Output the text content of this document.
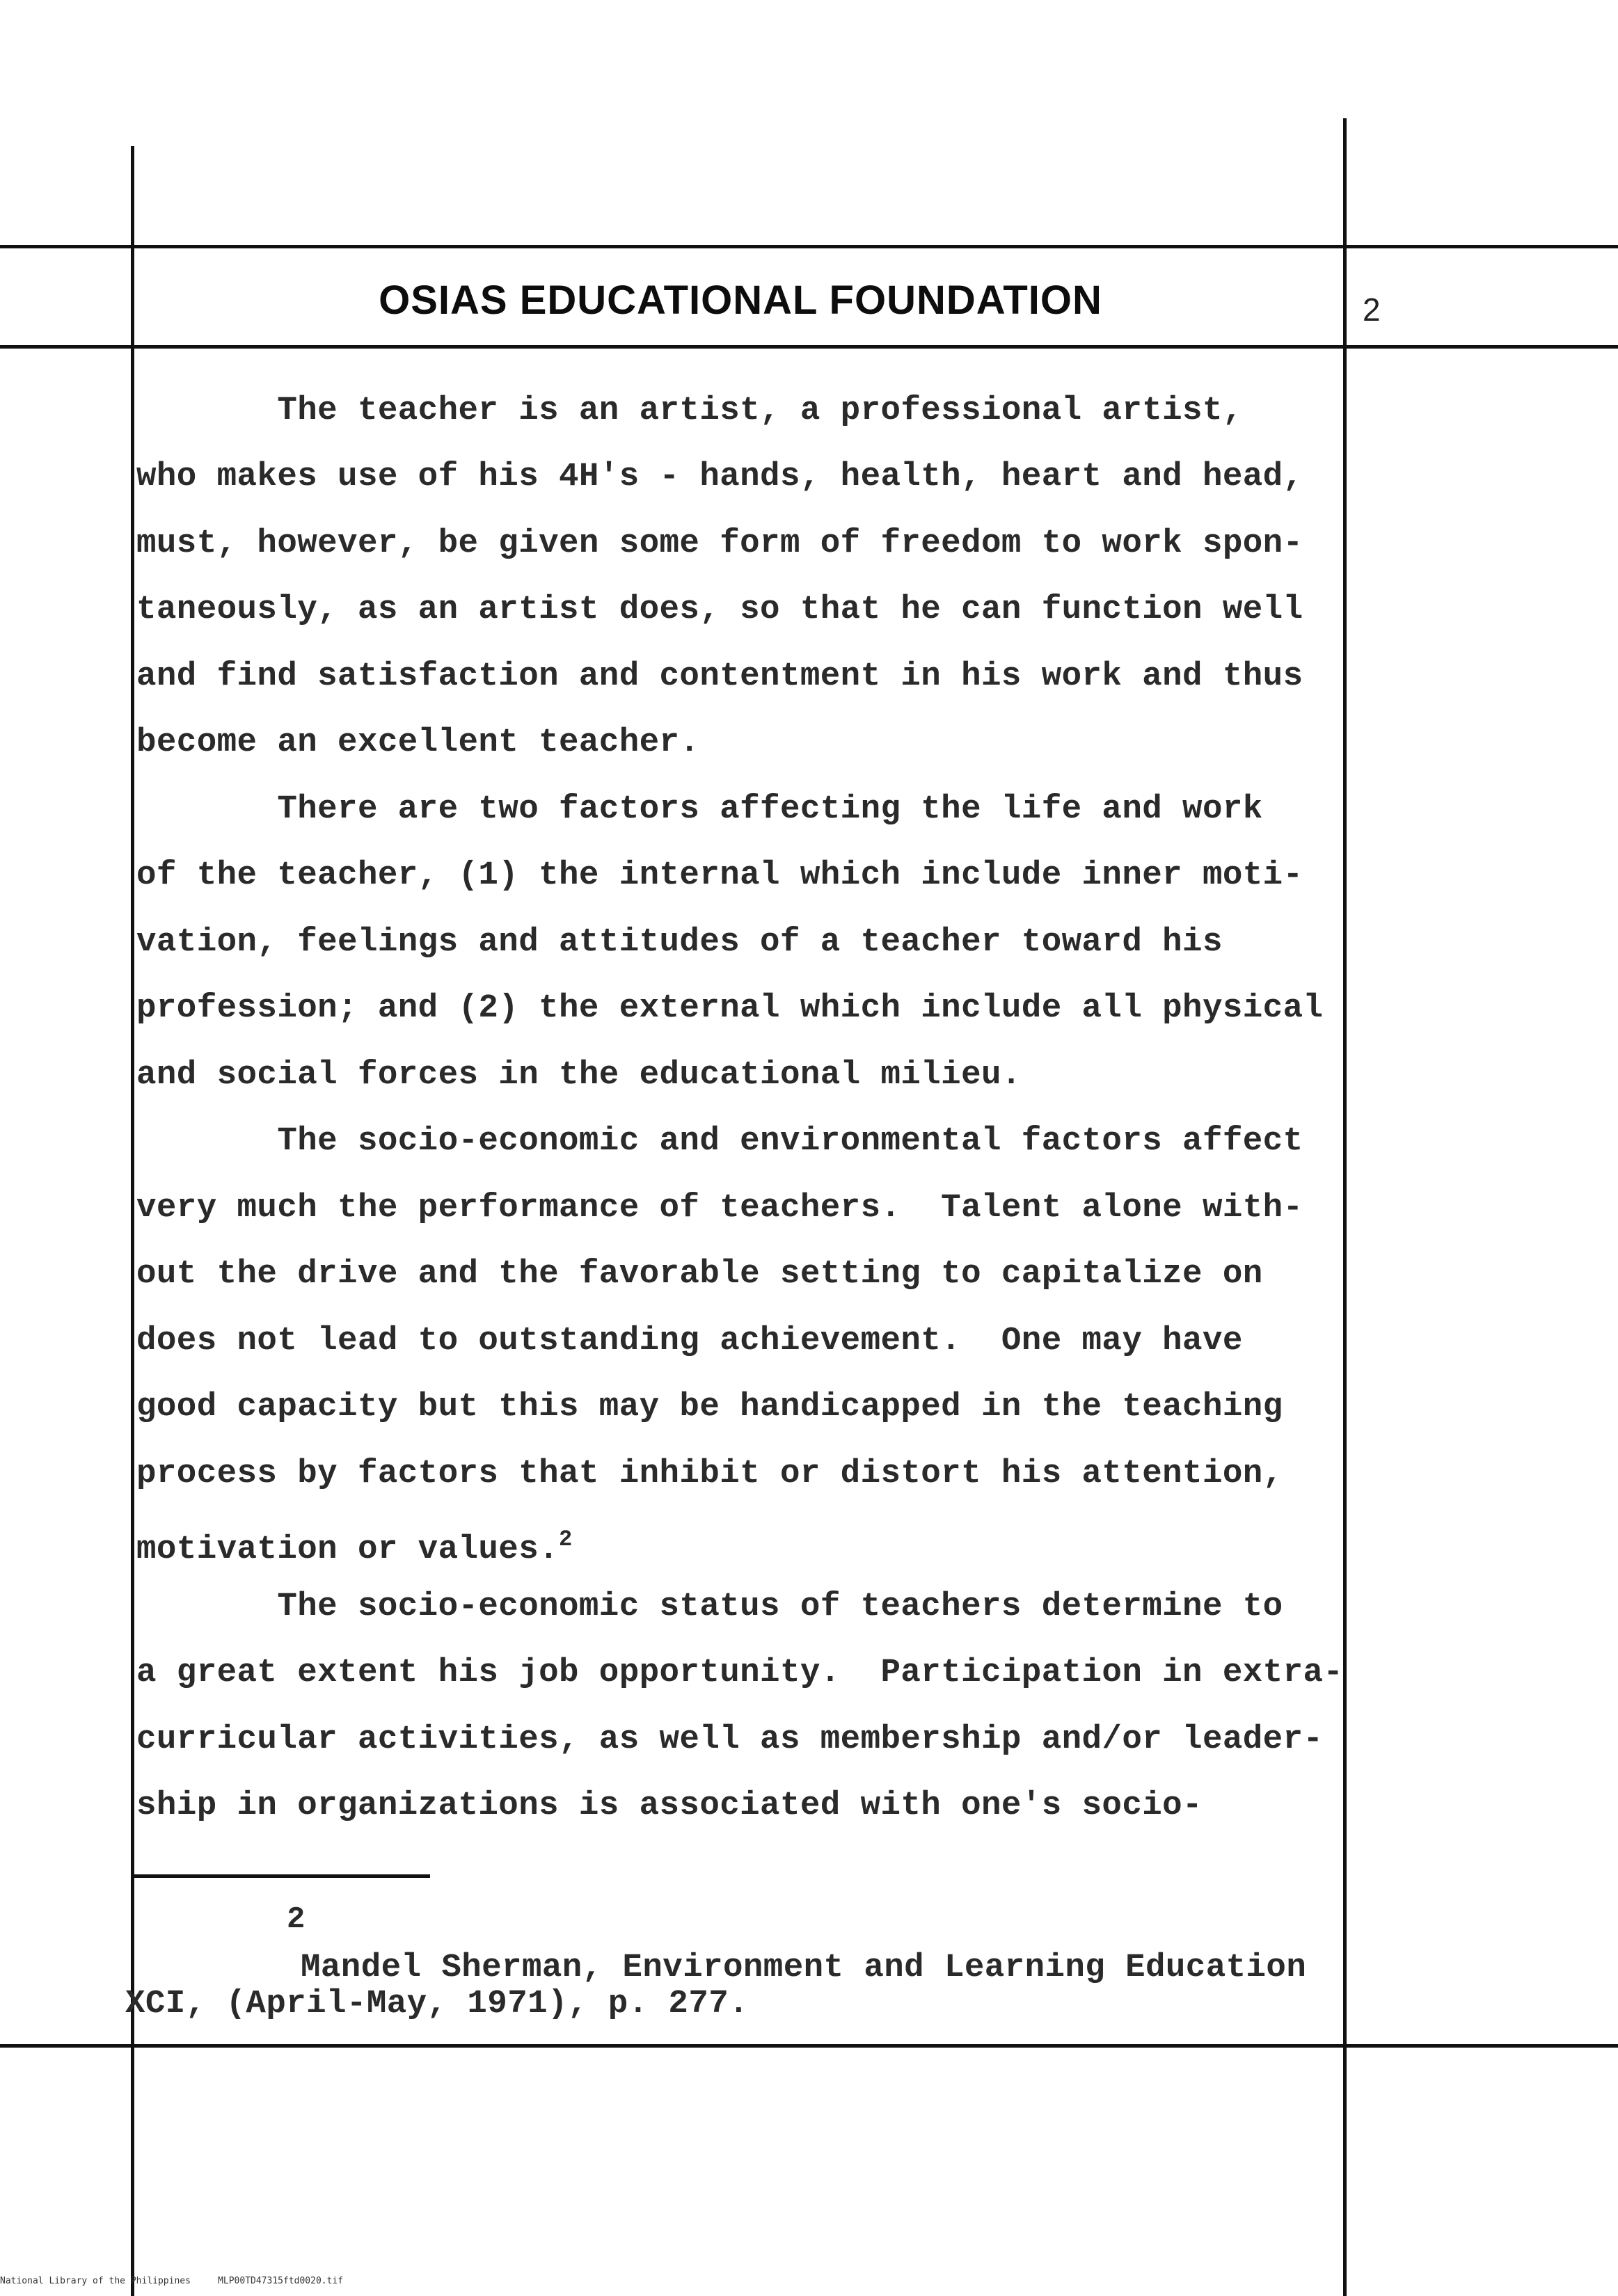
OSIAS EDUCATIONAL FOUNDATION	2
The teacher is an artist, a professional artist,
who makes use of his 4H's - hands, health, heart and head,
must, however, be given some form of freedom to work spon-
taneously, as an artist does, so that he can function well
and find satisfaction and contentment in his work and thus
become an excellent teacher.
There are two factors affecting the life and work
of the teacher, (1) the internal which include inner moti-
vation, feelings and attitudes of a teacher toward his
profession; and (2) the external which include all physical
and social forces in the educational milieu.
The socio-economic and environmental factors affect
very much the performance of teachers.  Talent alone with-
out the drive and the favorable setting to capitalize on
does not lead to outstanding achievement.  One may have
good capacity but this may be handicapped in the teaching
process by factors that inhibit or distort his attention,
motivation or values.$^2$
The socio-economic status of teachers determine to
a great extent his job opportunity.  Participation in extra-
curricular activities, as well as membership and/or leader-
ship in organizations is associated with one's socio-
2
Mandel Sherman, Environment and Learning Education
XCI, (April-May, 1971), p. 277.
National Library of the Philippines     MLP00TD47315ftd0020.tif
